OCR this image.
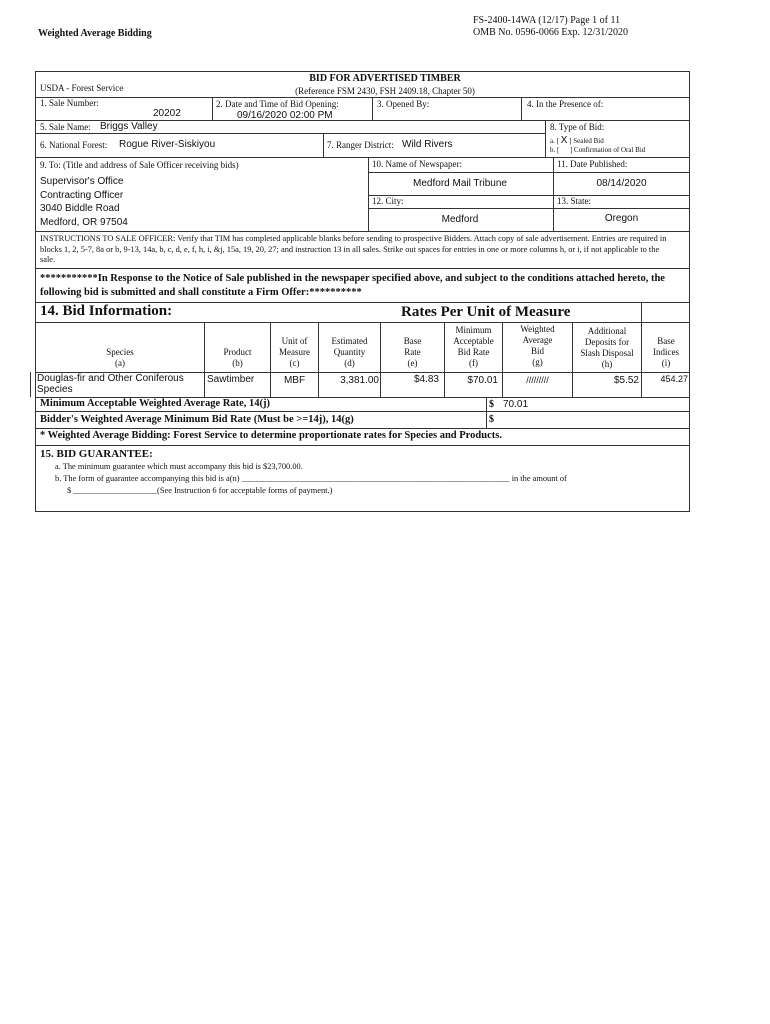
Weighted Average Bidding
FS-2400-14WA (12/17) Page 1 of 11
OMB No. 0596-0066 Exp. 12/31/2020
USDA - Forest Service
BID FOR ADVERTISED TIMBER
(Reference FSM 2430, FSH 2409.18, Chapter 50)
1. Sale Number:
20202
2. Date and Time of Bid Opening:
09/16/2020 02:00 PM
3. Opened By:	4. In the Presence of:
5. Sale Name: Briggs Valley	8. Type of Bid:
a. [ X ] Sealed Bid
b. [ ] Confirmation of Oral Bid
6. National Forest: Rogue River-Siskiyou	7. Ranger District: Wild Rivers
9. To: (Title and address of Sale Officer receiving bids)
Supervisor's Office
Contracting Officer
3040 Biddle Road
Medford, OR 97504
10. Name of Newspaper:
Medford Mail Tribune
11. Date Published:
08/14/2020
12. City:
Medford
13. State:
Oregon
INSTRUCTIONS TO SALE OFFICER: Verify that TIM has completed applicable blanks before sending to prospective Bidders. Attach copy of sale advertisement. Entries are required in blocks 1, 2, 5-7, 8a or b, 9-13, 14a, b, c, d, e, f, h, i, &j, 15a, 19, 20, 27; and instruction 13 in all sales. Strike out spaces for entries in one or more columns h, or i, if not applicable to the sale.
***********In Response to the Notice of Sale published in the newspaper specified above, and subject to the conditions attached hereto, the following bid is submitted and shall constitute a Firm Offer:**********
14. Bid Information:	Rates Per Unit of Measure
Species
(a)
Product
(b)
Unit of
Measure
(c)
Estimated
Quantity
(d)
Base
Rate
(e)
Minimum
Acceptable
Bid Rate
(f)
Weighted
Average
Bid
(g)
Additional
Deposits for
Slash Disposal
(h)
Base
Indices
(i)
Douglas-fir and Other Coniferous
Species
Sawtimber	MBF	3,381.00	$4.83	$70.01	/////////	$5.52	454.27
Minimum Acceptable Weighted Average Rate, 14(j)	$ 70.01
Bidder's Weighted Average Minimum Bid Rate (Must be >=14j), 14(g)	$
* Weighted Average Bidding: Forest Service to determine proportionate rates for Species and Products.
15. BID GUARANTEE:
a. The minimum guarantee which must accompany this bid is $23,700.00.
b. The form of guarantee accompanying this bid is a(n) ________________________________________________________________ in the amount of
$ ____________________(See Instruction 6 for acceptable forms of payment.)
